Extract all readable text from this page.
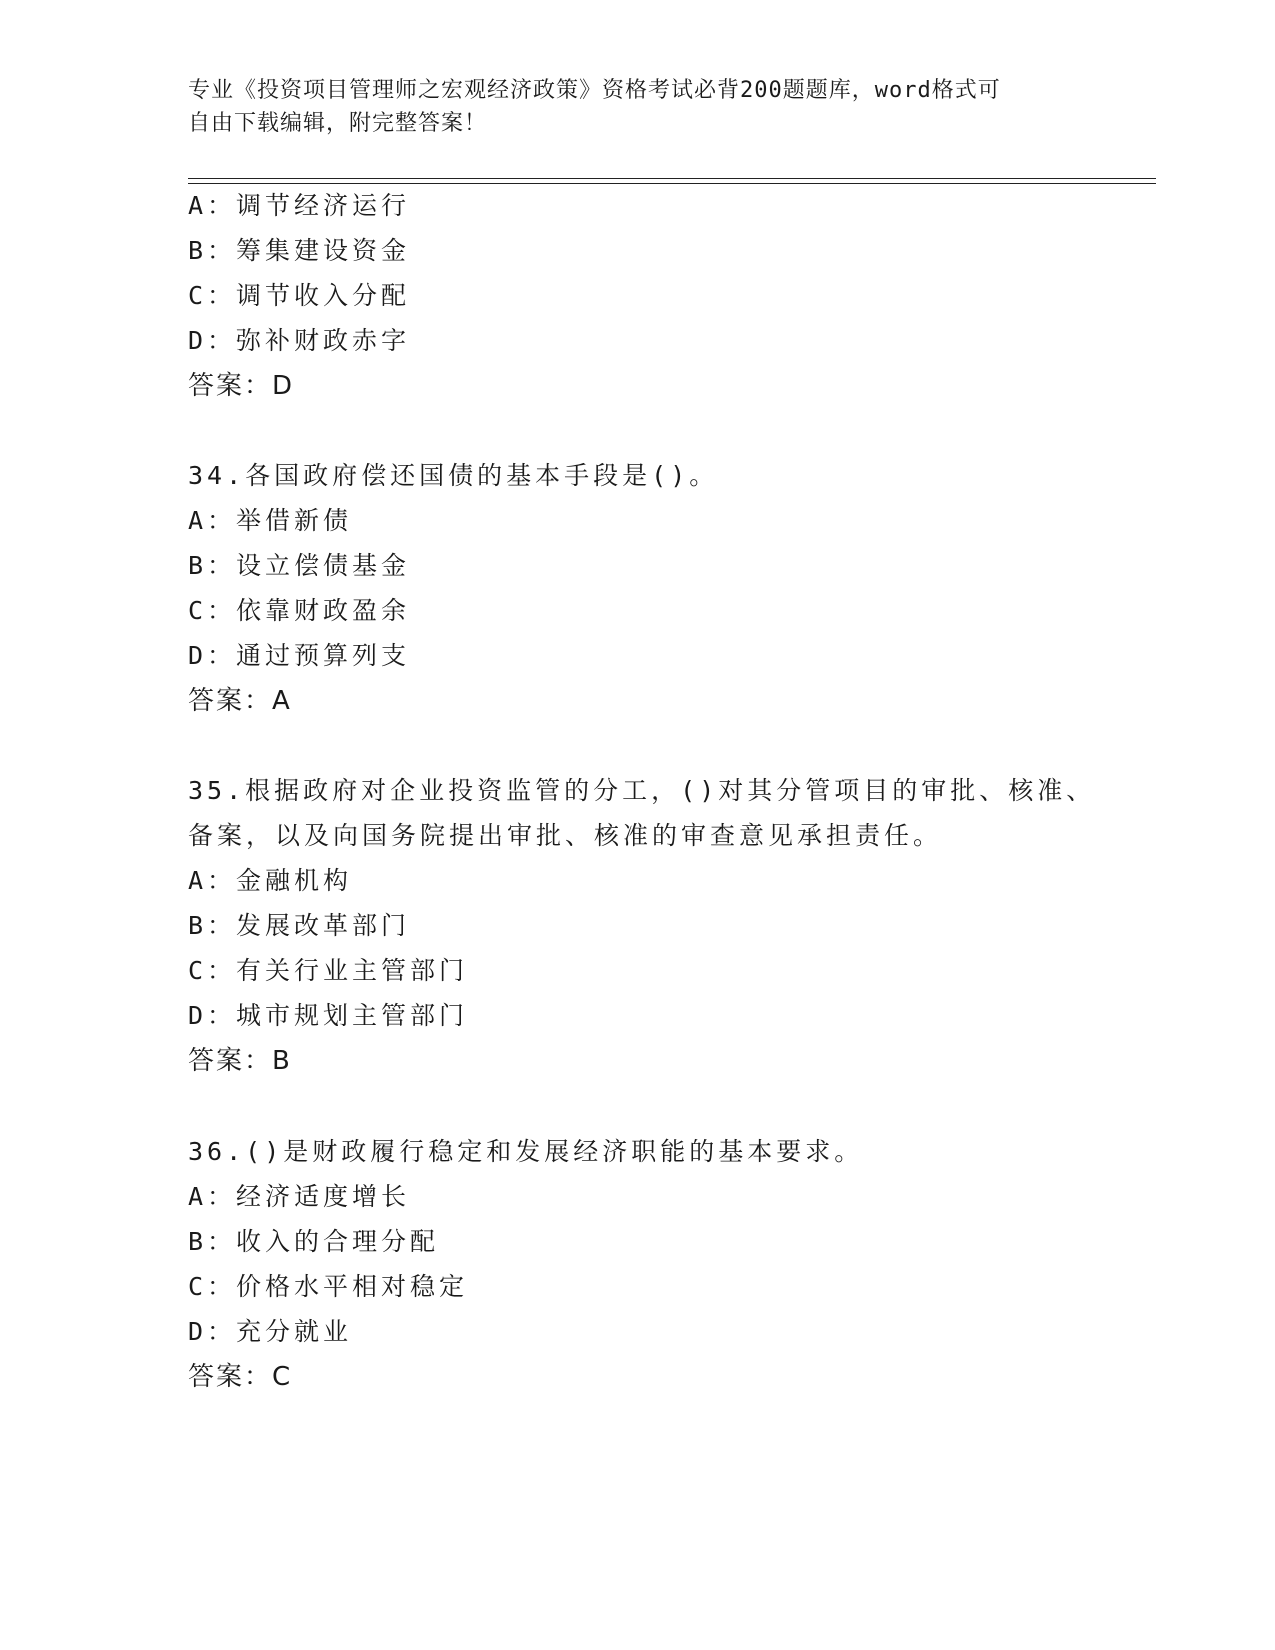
专业《投资项目管理师之宏观经济政策》资格考试必背200题题库，word格式可
自由下载编辑，附完整答案！
A：调节经济运行
B：筹集建设资金
C：调节收入分配
D：弥补财政赤字
答案：D
34.各国政府偿还国债的基本手段是()。
A：举借新债
B：设立偿债基金
C：依靠财政盈余
D：通过预算列支
答案：A
35.根据政府对企业投资监管的分工，()对其分管项目的审批、核准、
备案，以及向国务院提出审批、核准的审查意见承担责任。
A：金融机构
B：发展改革部门
C：有关行业主管部门
D：城市规划主管部门
答案：B
36.()是财政履行稳定和发展经济职能的基本要求。
A：经济适度增长
B：收入的合理分配
C：价格水平相对稳定
D：充分就业
答案：C
